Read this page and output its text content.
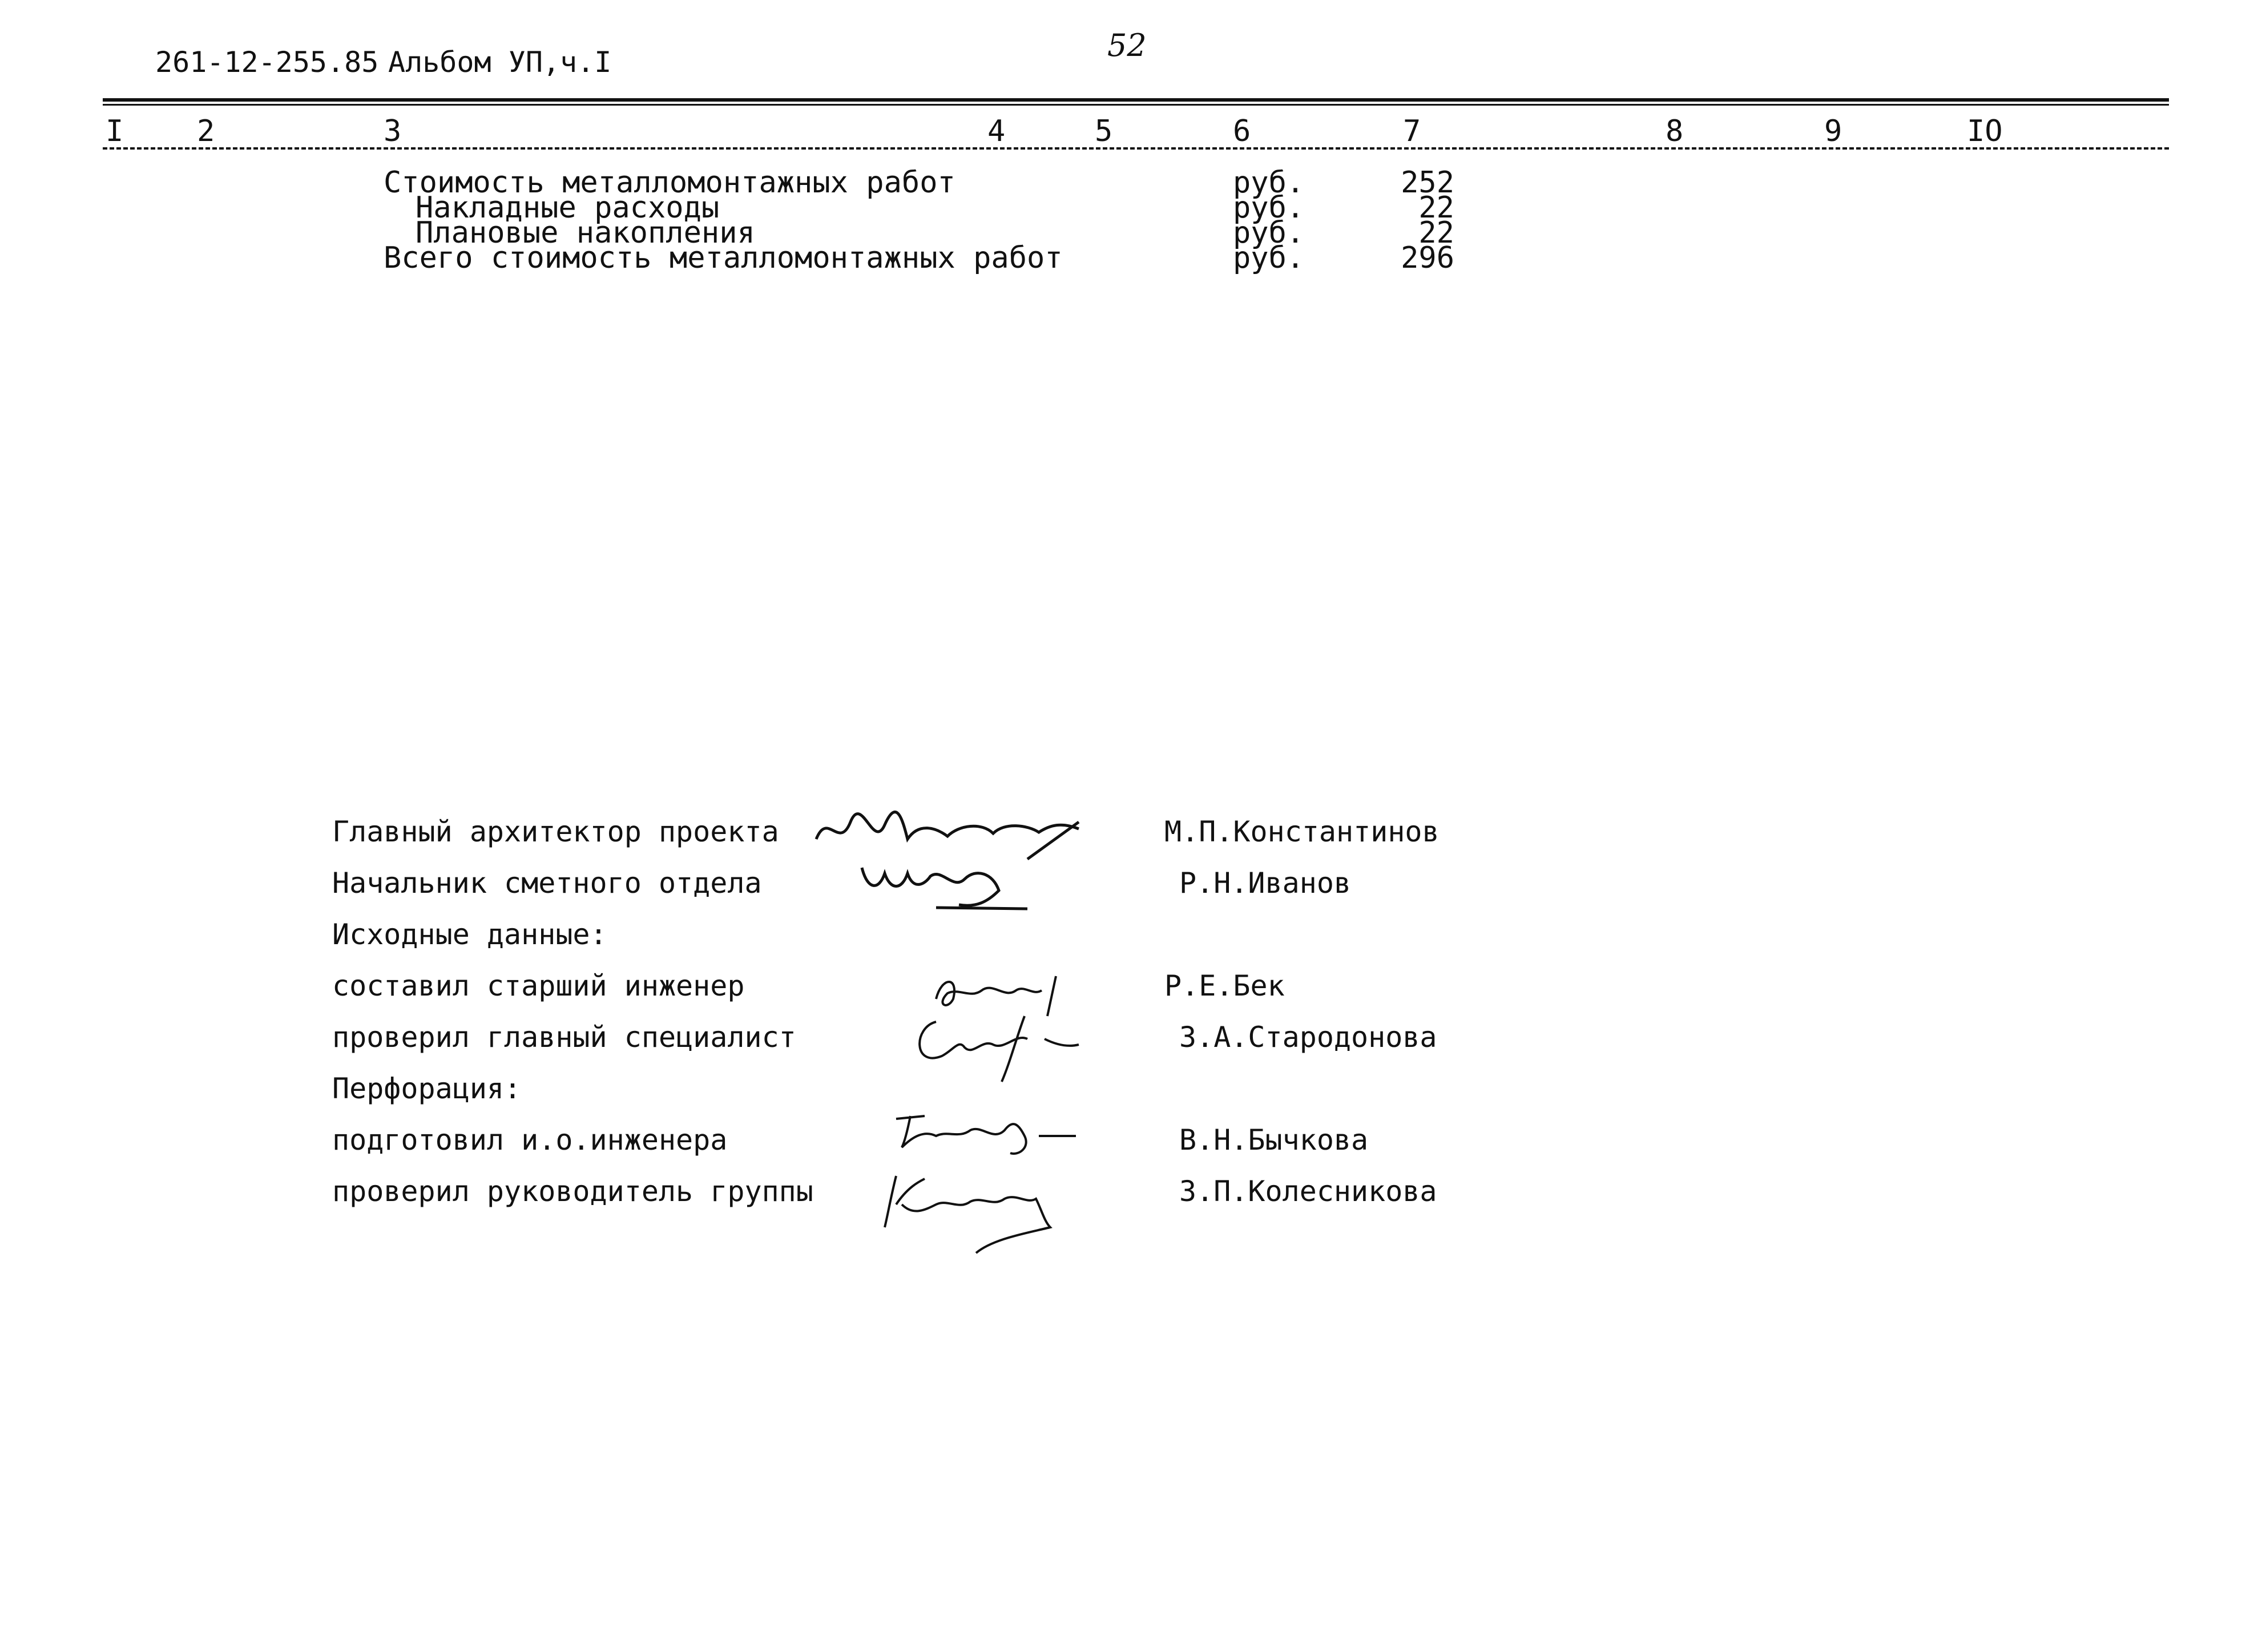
261-12-255.85 Альбом УП,ч.I	52
I 2	3	4	5	6	7	8	9	IO
Стоимость металломонтажных работ	руб.	252
Накладные расходы	руб.	22
Плановые накопления	руб.	22
Всего стоимость металломонтажных работ	руб.	296
Главный архитектор проекта	М.П.Константинов
Начальник сметного отдела	Р.Н.Иванов
Исходные данные:
составил старший инженер	Р.Е.Бек
проверил главный специалист	З.А.Стародонова
Перфорация:
подготовил и.о.инженера	В.Н.Бычкова
проверил руководитель группы	З.П.Колесникова
